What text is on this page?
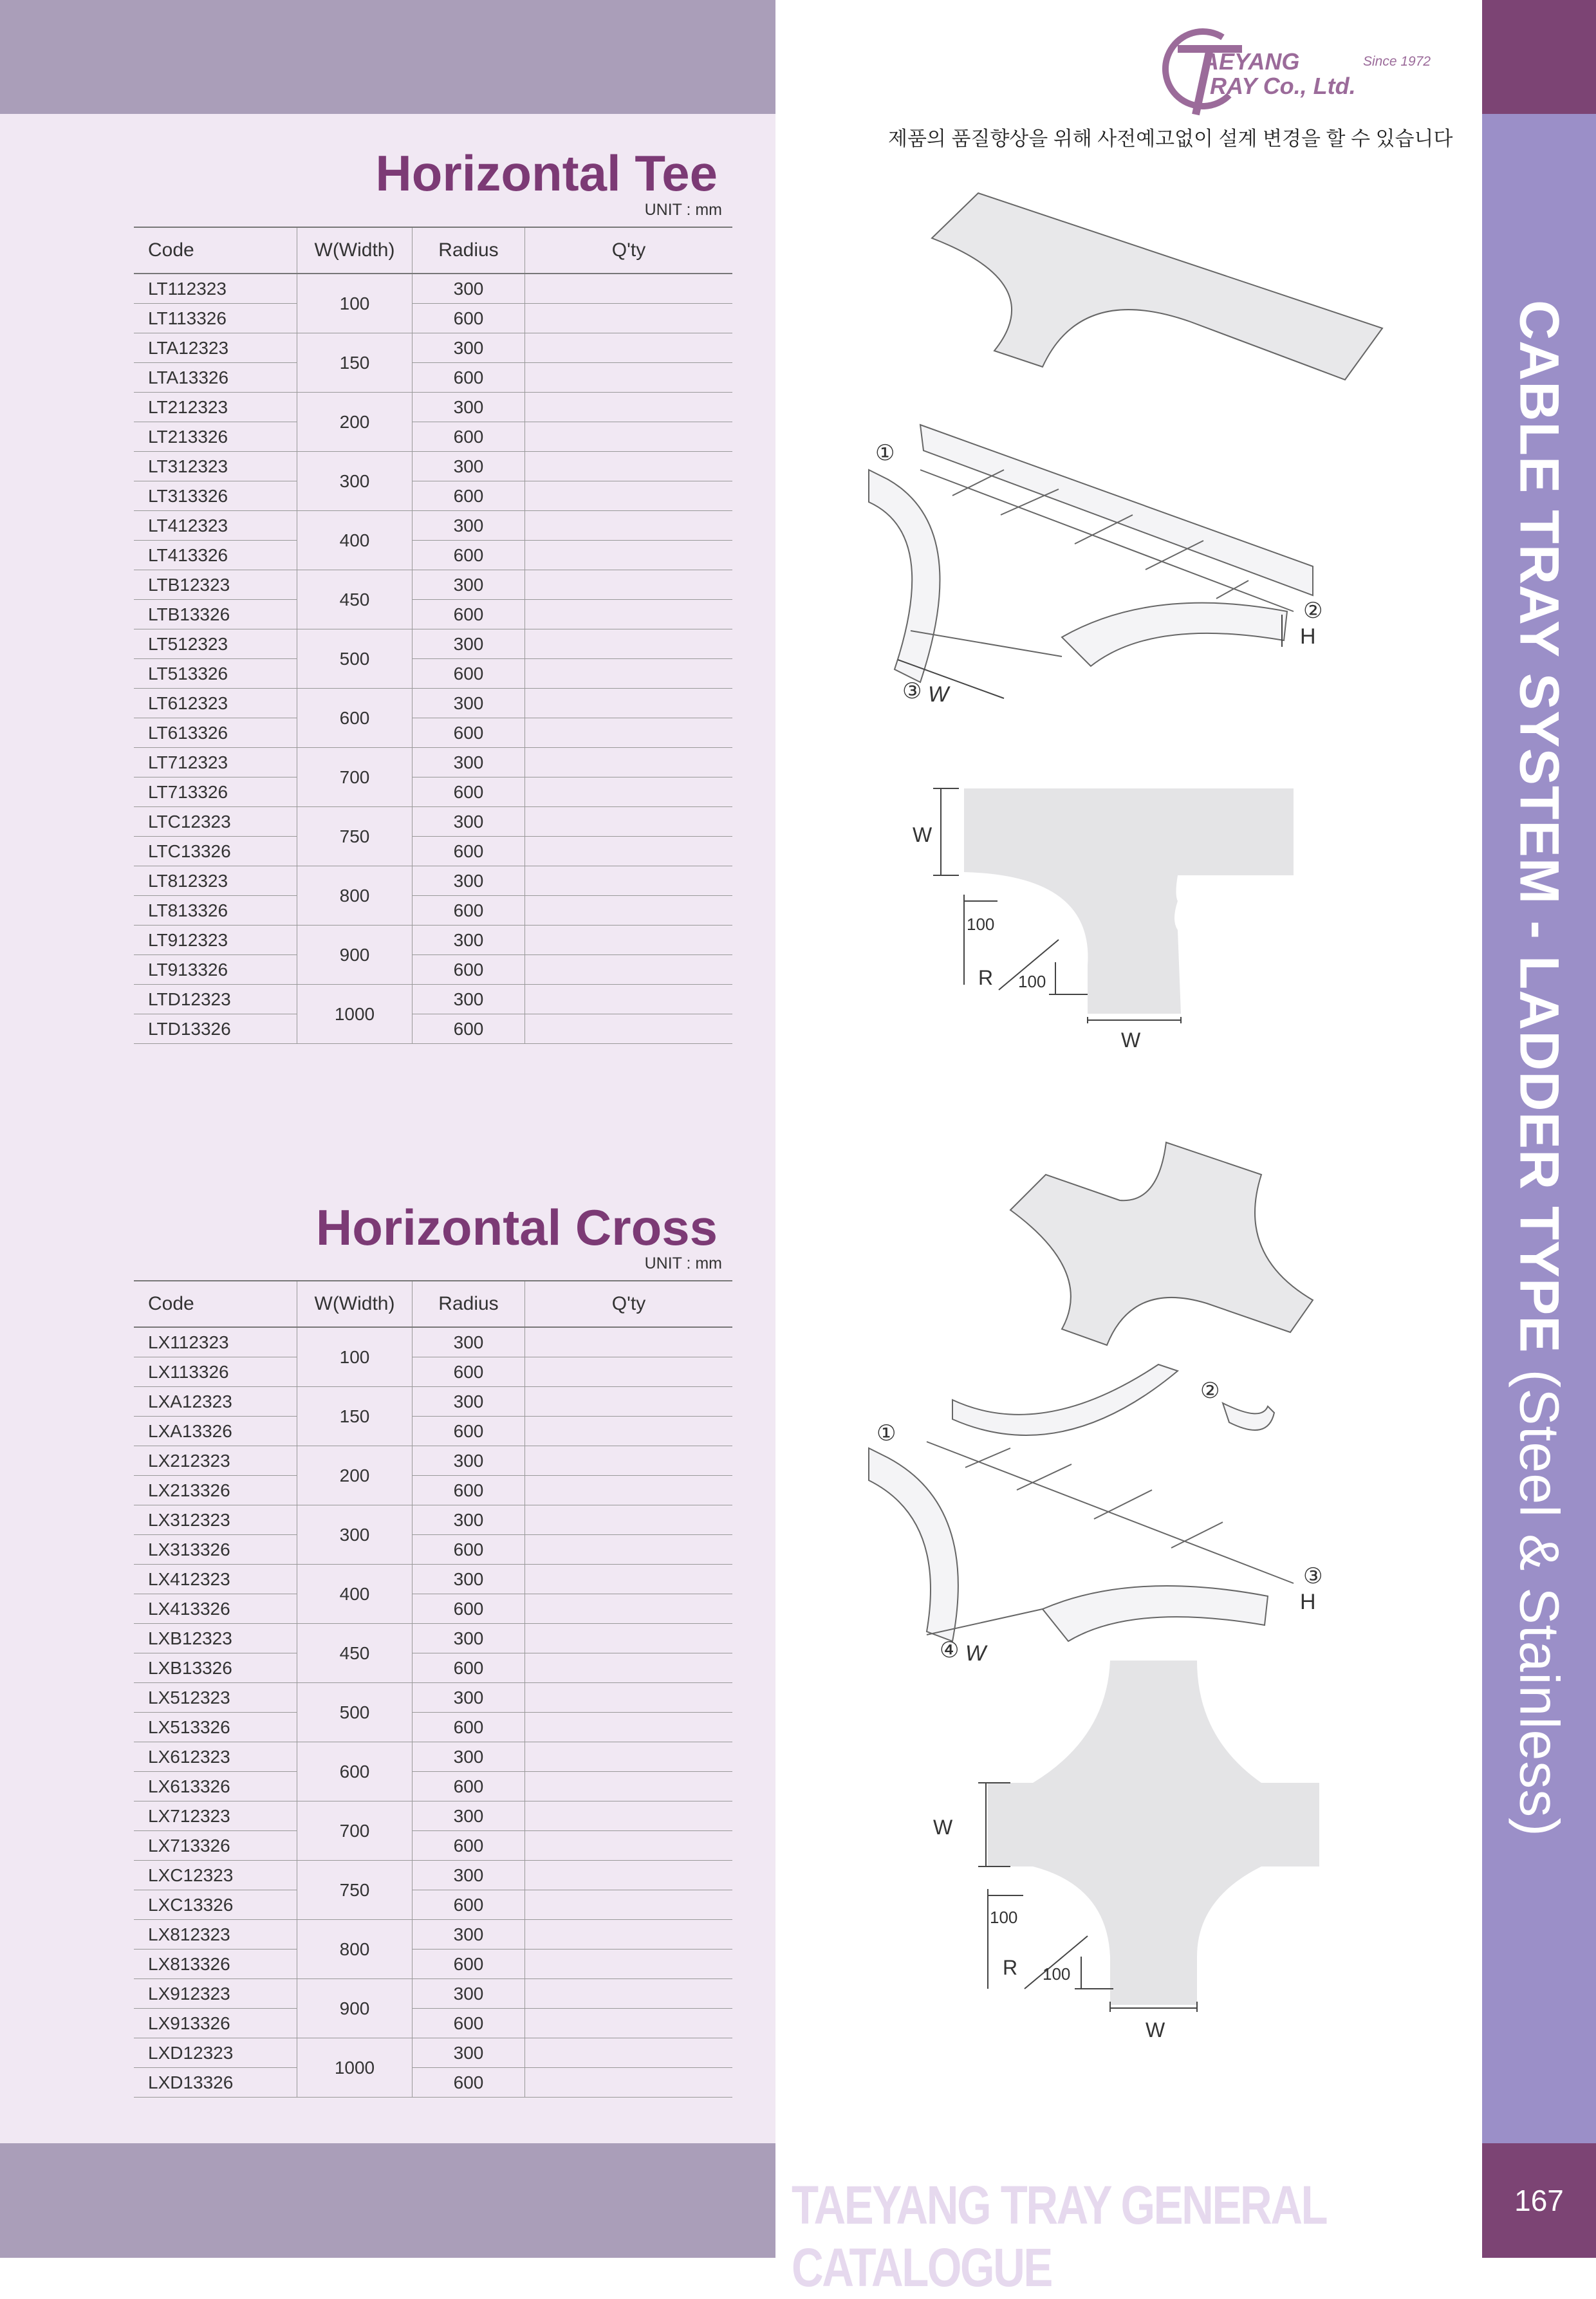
167
CABLE TRAY SYSTEM - LADDER TYPE (Steel & Stainless)
TAEYANG TRAY GENERAL CATALOGUE
AEYANG
RAY Co., Ltd.
Since 1972
제품의 품질향상을 위해 사전예고없이 설계 변경을 할 수 있습니다
Horizontal Tee
UNIT : mm
Code	W(Width)	Radius	Q'ty
LT112323	100	300	
LT113326		600	
LTA12323	150	300	
LTA13326		600	
LT212323	200	300	
LT213326		600	
LT312323	300	300	
LT313326		600	
LT412323	400	300	
LT413326		600	
LTB12323	450	300	
LTB13326		600	
LT512323	500	300	
LT513326		600	
LT612323	600	300	
LT613326		600	
LT712323	700	300	
LT713326		600	
LTC12323	750	300	
LTC13326		600	
LT812323	800	300	
LT813326		600	
LT912323	900	300	
LT913326		600	
LTD12323	1000	300	
LTD13326		600	
Horizontal Cross
UNIT : mm
Code	W(Width)	Radius	Q'ty
LX112323	100	300	
LX113326		600	
LXA12323	150	300	
LXA13326		600	
LX212323	200	300	
LX213326		600	
LX312323	300	300	
LX313326		600	
LX412323	400	300	
LX413326		600	
LXB12323	450	300	
LXB13326		600	
LX512323	500	300	
LX513326		600	
LX612323	600	300	
LX613326		600	
LX712323	700	300	
LX713326		600	
LXC12323	750	300	
LXC13326		600	
LX812323	800	300	
LX813326		600	
LX912323	900	300	
LX913326		600	
LXD12323	1000	300	
LXD13326		600	
①
②
H
③ W
W
100
R 100
W
①
②
③
H
④ W
W
100
R 100
W
